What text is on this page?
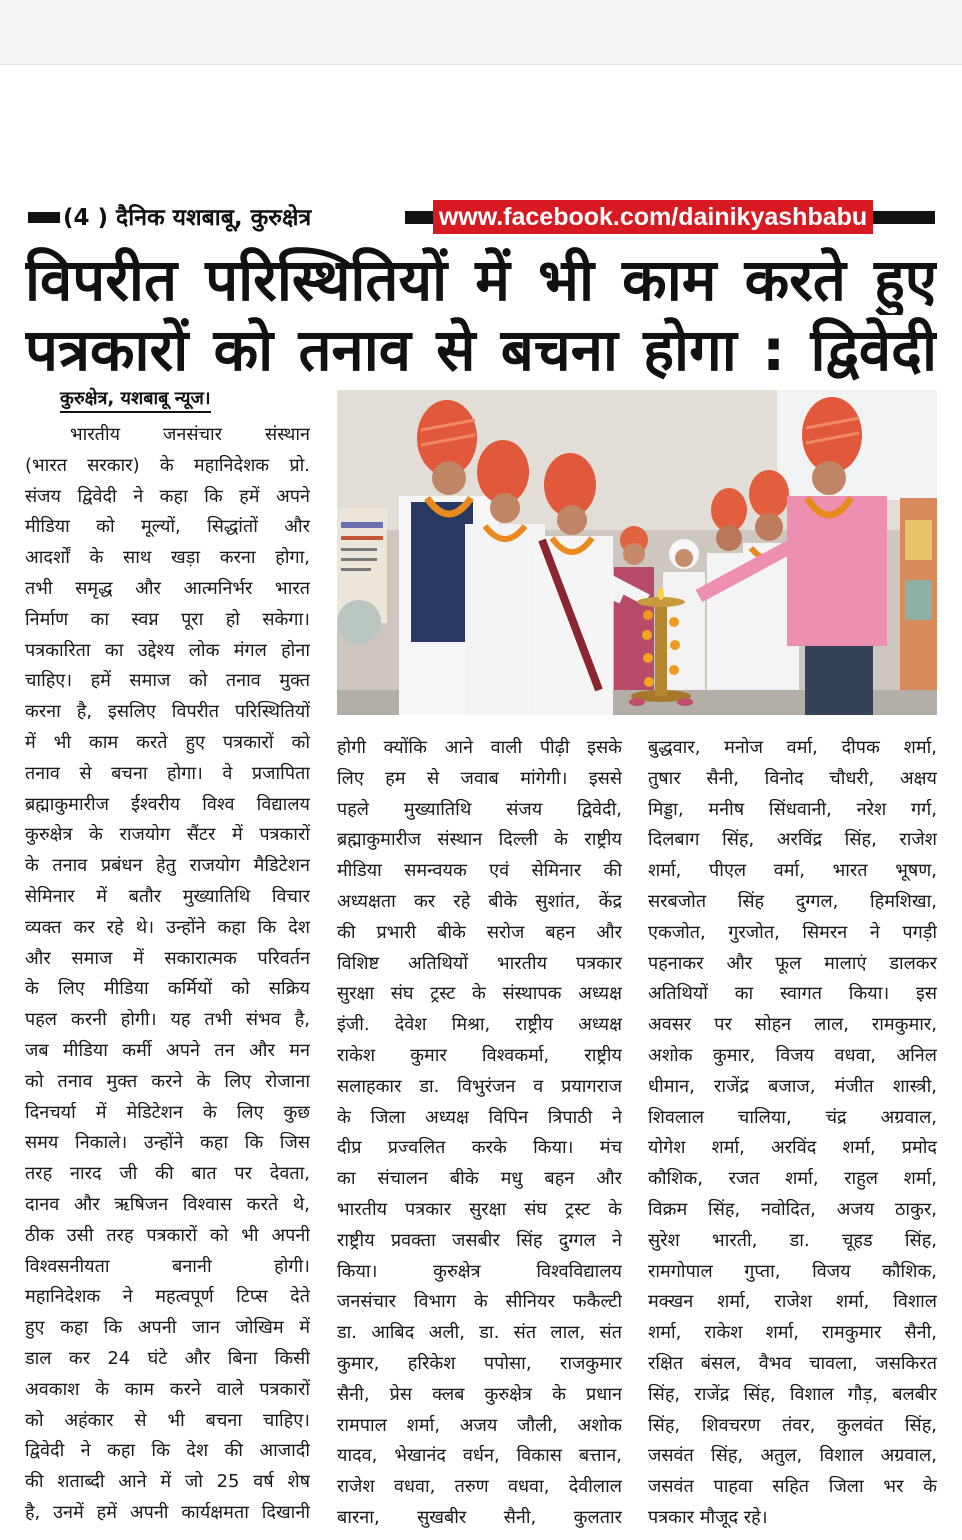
(4 ) दैनिक यशबाबू, कुरुक्षेत्र	www.facebook.com/dainikyashbabu
विपरीत परिस्थितियों में भी काम करते हुए
पत्रकारों को तनाव से बचना होगा : द्विवेदी
कुरुक्षेत्र, यशबाबू न्यूज।
भारतीय जनसंचार संस्थान
(भारत सरकार) के महानिदेशक प्रो.
संजय द्विवेदी ने कहा कि हमें अपने
मीडिया को मूल्यों, सिद्धांतों और
आदर्शों के साथ खड़ा करना होगा,
तभी समृद्ध और आत्मनिर्भर भारत
निर्माण का स्वप्न पूरा हो सकेगा।
पत्रकारिता का उद्देश्य लोक मंगल होना
चाहिए। हमें समाज को तनाव मुक्त
करना है, इसलिए विपरीत परिस्थितियों
में भी काम करते हुए पत्रकारों को
तनाव से बचना होगा। वे प्रजापिता
ब्रह्माकुमारीज ईश्वरीय विश्व विद्यालय
कुरुक्षेत्र के राजयोग सैंटर में पत्रकारों
के तनाव प्रबंधन हेतु राजयोग मैडिटेशन
सेमिनार में बतौर मुख्यातिथि विचार
व्यक्त कर रहे थे। उन्होंने कहा कि देश
और समाज में सकारात्मक परिवर्तन
के लिए मीडिया कर्मियों को सक्रिय
पहल करनी होगी। यह तभी संभव है,
जब मीडिया कर्मी अपने तन और मन
को तनाव मुक्त करने के लिए रोजाना
दिनचर्या में मेडिटेशन के लिए कुछ
समय निकाले। उन्होंने कहा कि जिस
तरह नारद जी की बात पर देवता,
दानव और ऋषिजन विश्वास करते थे,
ठीक उसी तरह पत्रकारों को भी अपनी
विश्वसनीयता बनानी होगी।
महानिदेशक ने महत्वपूर्ण टिप्स देते
हुए कहा कि अपनी जान जोखिम में
डाल कर 24 घंटे और बिना किसी
अवकाश के काम करने वाले पत्रकारों
को अहंकार से भी बचना चाहिए।
द्विवेदी ने कहा कि देश की आजादी
की शताब्दी आने में जो 25 वर्ष शेष
है, उनमें हमें अपनी कार्यक्षमता दिखानी
होगी क्योंकि आने वाली पीढ़ी इसके
लिए हम से जवाब मांगेगी। इससे
पहले मुख्यातिथि संजय द्विवेदी,
ब्रह्माकुमारीज संस्थान दिल्ली के राष्ट्रीय
मीडिया समन्वयक एवं सेमिनार की
अध्यक्षता कर रहे बीके सुशांत, केंद्र
की प्रभारी बीके सरोज बहन और
विशिष्ट अतिथियों भारतीय पत्रकार
सुरक्षा संघ ट्रस्ट के संस्थापक अध्यक्ष
इंजी. देवेश मिश्रा, राष्ट्रीय अध्यक्ष
राकेश कुमार विश्वकर्मा, राष्ट्रीय
सलाहकार डा. विभुरंजन व प्रयागराज
के जिला अध्यक्ष विपिन त्रिपाठी ने
दीप्र प्रज्वलित करके किया। मंच
का संचालन बीके मधु बहन और
भारतीय पत्रकार सुरक्षा संघ ट्रस्ट के
राष्ट्रीय प्रवक्ता जसबीर सिंह दुग्गल ने
किया। कुरुक्षेत्र विश्वविद्यालय
जनसंचार विभाग के सीनियर फकैल्टी
डा. आबिद अली, डा. संत लाल, संत
कुमार, हरिकेश पपोसा, राजकुमार
सैनी, प्रेस क्लब कुरुक्षेत्र के प्रधान
रामपाल शर्मा, अजय जौली, अशोक
यादव, भेखानंद वर्धन, विकास बत्तान,
राजेश वधवा, तरुण वधवा, देवीलाल
बारना, सुखबीर सैनी, कुलतार
बुद्धवार, मनोज वर्मा, दीपक शर्मा,
तुषार सैनी, विनोद चौधरी, अक्षय
मिड्डा, मनीष सिंधवानी, नरेश गर्ग,
दिलबाग सिंह, अरविंद्र सिंह, राजेश
शर्मा, पीएल वर्मा, भारत भूषण,
सरबजोत सिंह दुग्गल, हिमशिखा,
एकजोत, गुरजोत, सिमरन ने पगड़ी
पहनाकर और फूल मालाएं डालकर
अतिथियों का स्वागत किया। इस
अवसर पर सोहन लाल, रामकुमार,
अशोक कुमार, विजय वधवा, अनिल
धीमान, राजेंद्र बजाज, मंजीत शास्त्री,
शिवलाल चालिया, चंद्र अग्रवाल,
योगेश शर्मा, अरविंद शर्मा, प्रमोद
कौशिक, रजत शर्मा, राहुल शर्मा,
विक्रम सिंह, नवोदित, अजय ठाकुर,
सुरेश भारती, डा. चूहड सिंह,
रामगोपाल गुप्ता, विजय कौशिक,
मक्खन शर्मा, राजेश शर्मा, विशाल
शर्मा, राकेश शर्मा, रामकुमार सैनी,
रक्षित बंसल, वैभव चावला, जसकिरत
सिंह, राजेंद्र सिंह, विशाल गौड़, बलबीर
सिंह, शिवचरण तंवर, कुलवंत सिंह,
जसवंत सिंह, अतुल, विशाल अग्रवाल,
जसवंत पाहवा सहित जिला भर के
पत्रकार मौजूद रहे।
